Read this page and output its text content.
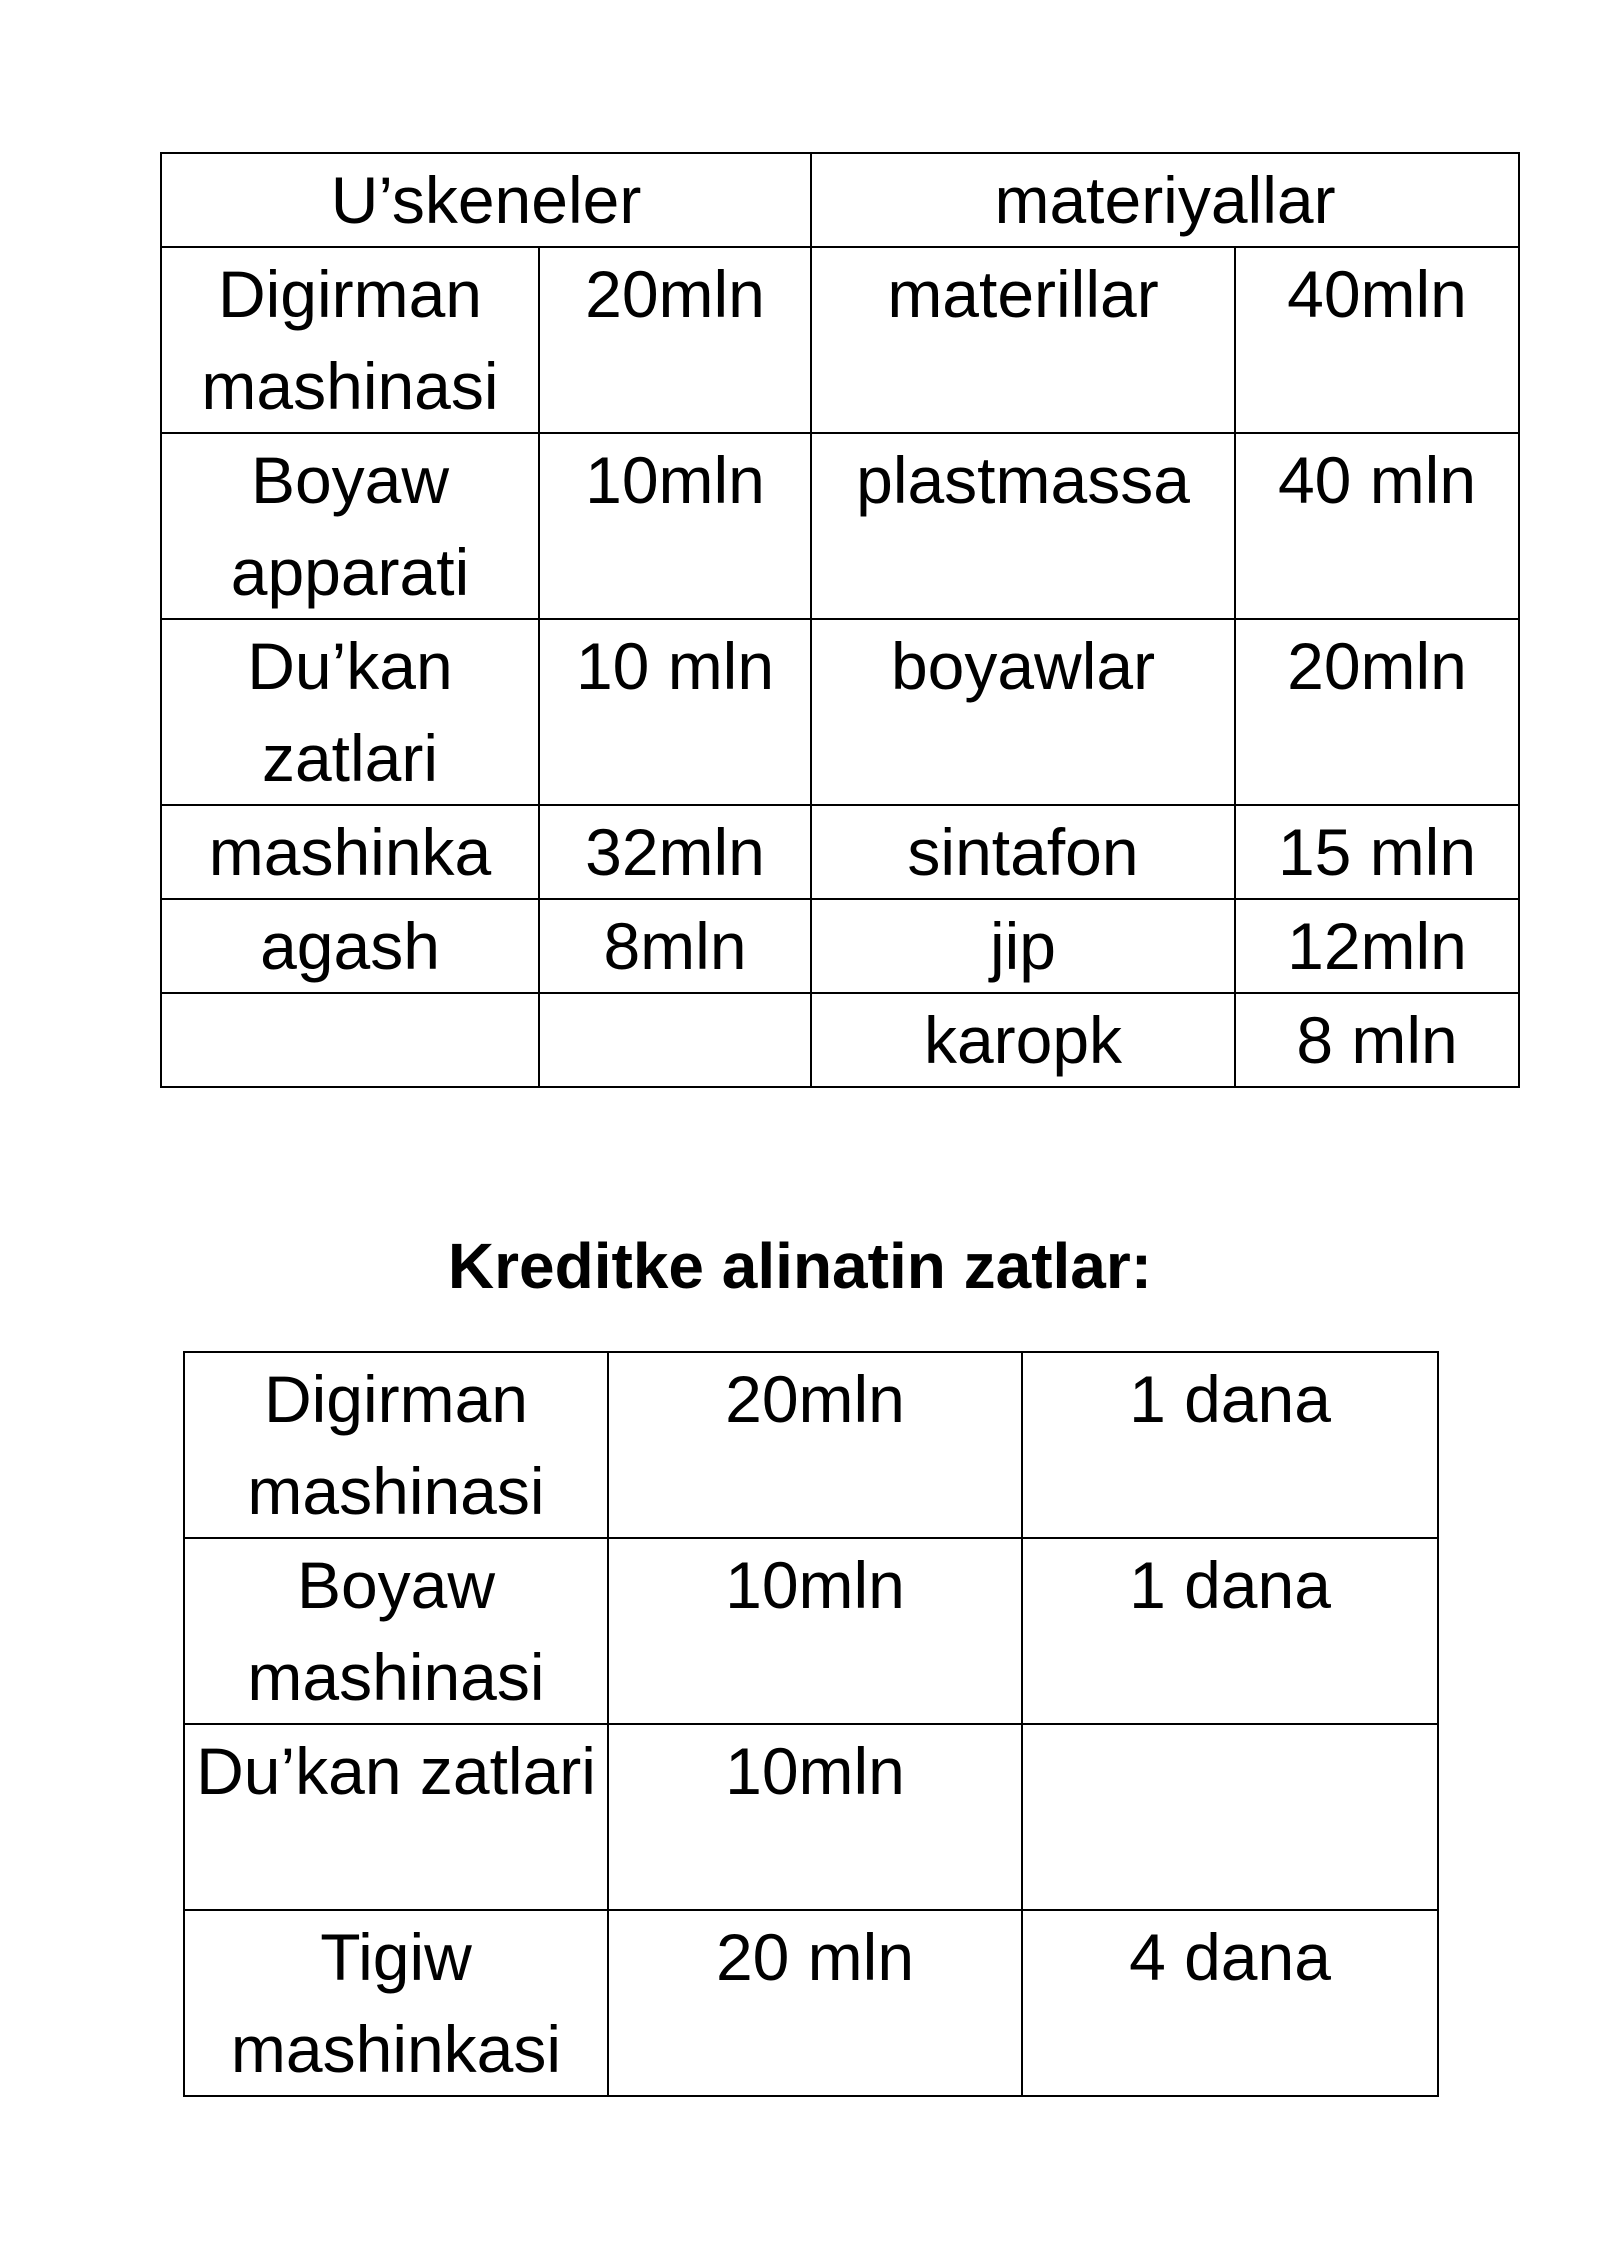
U’skeneler		materiyallar	
Digirman mashinasi	20mln	materillar	40mln
Boyaw apparati	10mln	plastmassa	40 mln
Du’kan zatlari	10 mln	boyawlar	20mln
mashinka	32mln	sintafon	15 mln
agash	8mln	jip	12mln
		karopk	8 mln
Kreditke alinatin zatlar:
Digirman mashinasi	20mln	1 dana
Boyaw mashinasi	10mln	1 dana
Du’kan zatlari	10mln	
Tigiw mashinkasi	20 mln	4 dana
